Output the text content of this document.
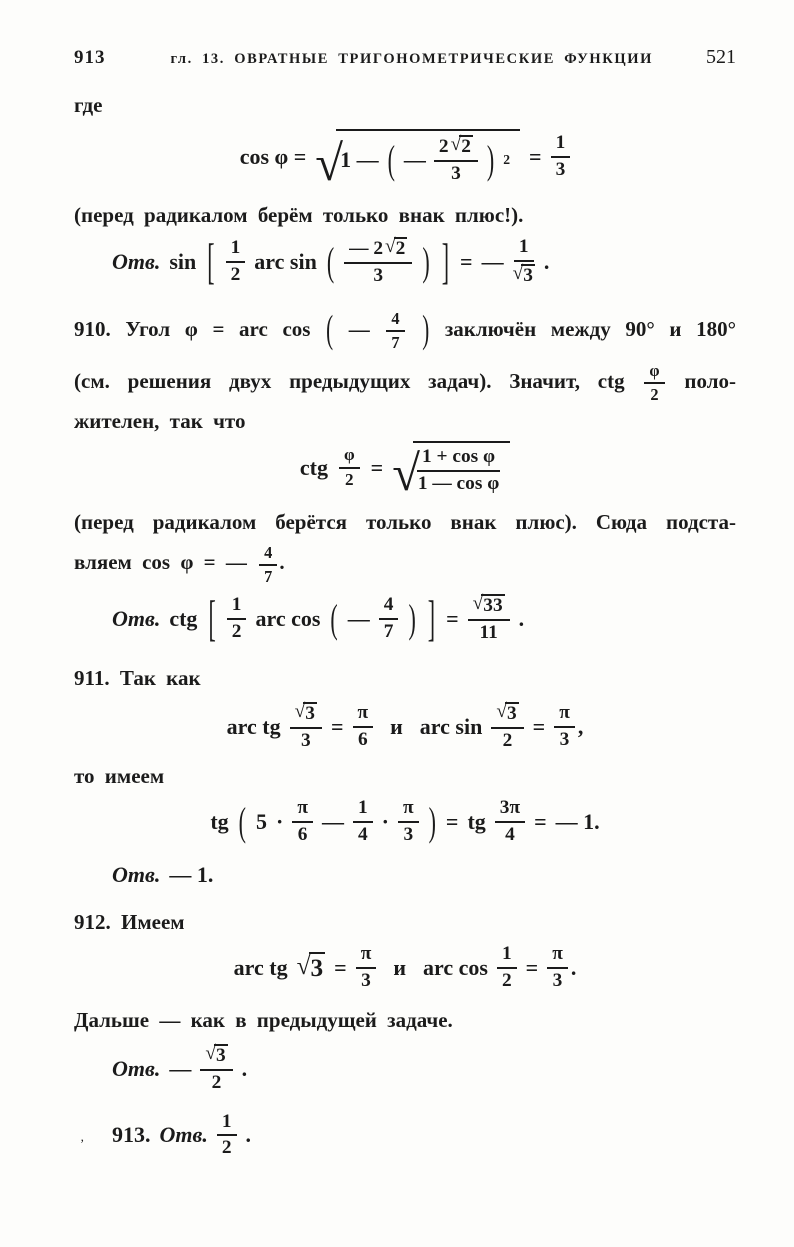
913	гл. 13. ОВРАТНЫЕ ТРИГОНОМЕТРИЧЕСКИЕ ФУНКЦИИ	521
где
cos φ = √
1 — ( — $\frac{2 √ 2}{3}$ ) $2 = \frac{1}{3}$
(перед радикалом берём только внак плюс!).
Отв. sin [ $\frac{1}{2}$ arc sin ( $\frac{— 2 √ 2}{3}$ ) ] = — $\frac{1}{√ 3}$ .
910. Угол φ = arc cos ( — $\frac{4}{7}$ ) заключён между 90° и 180°
(см. решения двух предыдущих задач). Значит, ctg $\frac{\varphi}{2}$ поло-
жителен, так что
ctg $\frac{\varphi}{2}$ = √
$\frac{\text{1 + cos φ}}{\text{1 — cos φ}}$
(перед радикалом берётся только внак плюс). Сюда подста-
вляем cos φ = — $\frac{4}{7}$ .
Отв. ctg [ $\frac{1}{2}$ arc cos ( — $\frac{4}{7}$ ) ] = $\frac{√ 33}{11}$ .
911. Так как
arc tg $\frac{√ 3}{3} = \frac{\pi}{6}$ и arc $\sin \frac{√ 3}{2} = \frac{\pi}{3}$ ,
то имеем
tg ( $5 \cdot \frac{\pi}{6}$ — $\frac{1}{4} \cdot \frac{\pi}{3}$ ) = tg $\frac{3\pi}{4}$ = — 1.
Отв. — 1.
912. Имеем
arc tg √ $3 = \frac{\pi}{3}$ и arc $\cos \frac{1}{2} = \frac{\pi}{3}$ .
Дальше — как в предыдущей задаче.
Отв. — $\frac{√ 3}{2}$ .
913. Отв. $\frac{1}{2}$ .
’
